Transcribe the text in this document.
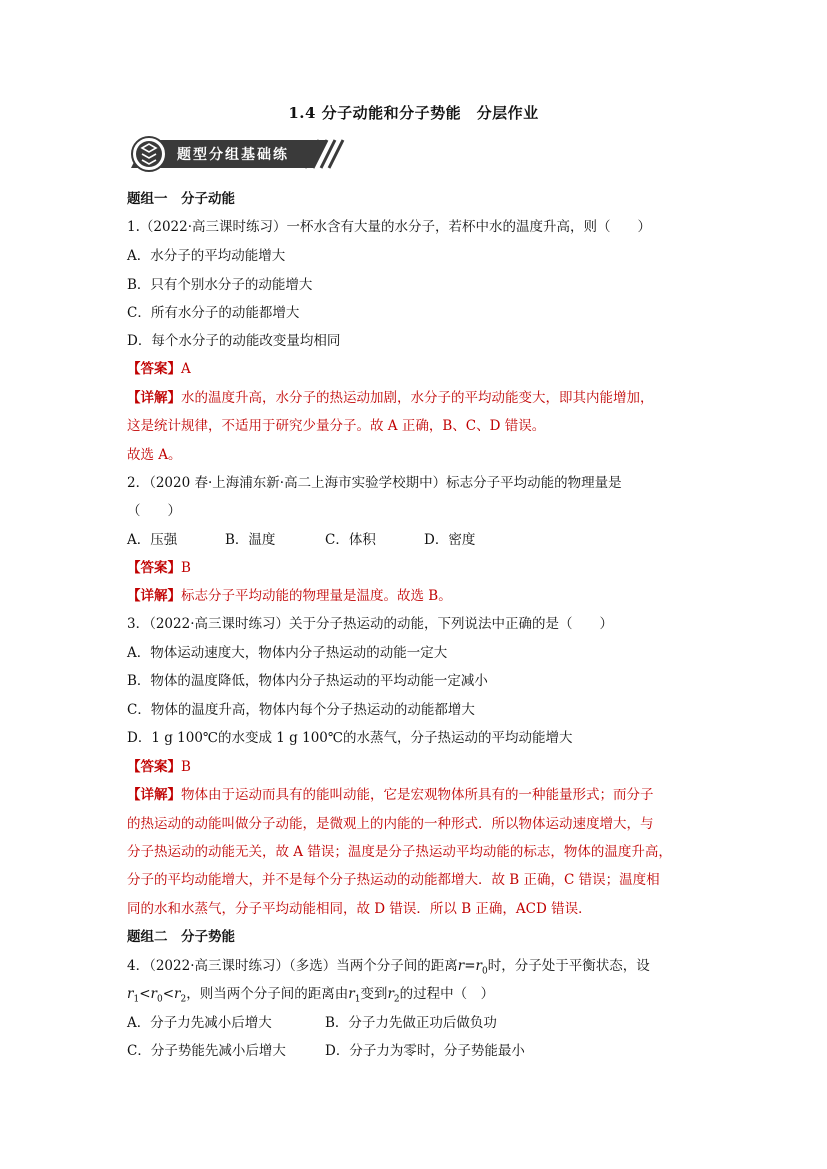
1.4 分子动能和分子势能　分层作业
题型分组基础练
题组一　分子动能
1.（2022·高三课时练习）一杯水含有大量的水分子，若杯中水的温度升高，则（　　）
A．水分子的平均动能增大
B．只有个别水分子的动能增大
C．所有水分子的动能都增大
D．每个水分子的动能改变量均相同
【答案】A
【详解】水的温度升高，水分子的热运动加剧，水分子的平均动能变大，即其内能增加，
这是统计规律，不适用于研究少量分子。故 A 正确，B、C、D 错误。
故选 A。
2．（2020 春·上海浦东新·高二上海市实验学校期中）标志分子平均动能的物理量是
（　　）
A．压强	B．温度	C．体积	D．密度
【答案】B
【详解】标志分子平均动能的物理量是温度。故选 B。
3．（2022·高三课时练习）关于分子热运动的动能，下列说法中正确的是（　　）
A．物体运动速度大，物体内分子热运动的动能一定大
B．物体的温度降低，物体内分子热运动的平均动能一定减小
C．物体的温度升高，物体内每个分子热运动的动能都增大
D．1 g 100℃的水变成 1 g 100℃的水蒸气，分子热运动的平均动能增大
【答案】B
【详解】物体由于运动而具有的能叫动能，它是宏观物体所具有的一种能量形式；而分子
的热运动的动能叫做分子动能，是微观上的内能的一种形式．所以物体运动速度增大，与
分子热运动的动能无关，故 A 错误；温度是分子热运动平均动能的标志，物体的温度升高，
分子的平均动能增大，并不是每个分子热运动的动能都增大．故 B 正确，C 错误；温度相
同的水和水蒸气，分子平均动能相同，故 D 错误．所以 B 正确，ACD 错误．
题组二　分子势能
4．（2022·高三课时练习）（多选）当两个分子间的距离$r=r_0$时，分子处于平衡状态，设
$r_1<r_0<r_2$，则当两个分子间的距离由$r_1$变到$r_2$的过程中（　）
A．分子力先减小后增大	B．分子力先做正功后做负功
C．分子势能先减小后增大	D．分子力为零时，分子势能最小
